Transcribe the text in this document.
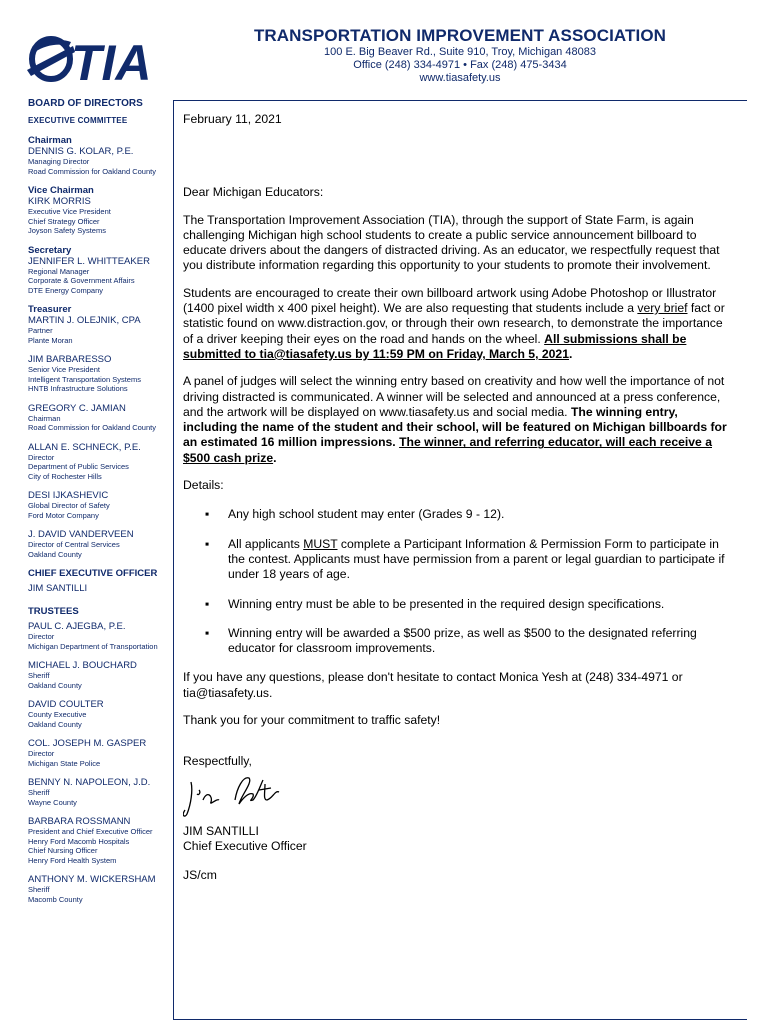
TIA	TRANSPORTATION IMPROVEMENT ASSOCIATION
100 E. Big Beaver Rd., Suite 910, Troy, Michigan 48083
Office (248) 334-4971 • Fax (248) 475-3434
www.tiasafety.us
BOARD OF DIRECTORS
EXECUTIVE COMMITTEE
Chairman
DENNIS G. KOLAR, P.E.
Managing Director
Road Commission for Oakland County
Vice Chairman
KIRK MORRIS
Executive Vice President
Chief Strategy Officer
Joyson Safety Systems
Secretary
JENNIFER L. WHITTEAKER
Regional Manager
Corporate & Government Affairs
DTE Energy Company
Treasurer
MARTIN J. OLEJNIK, CPA
Partner
Plante Moran
JIM BARBARESSO
Senior Vice President
Intelligent Transportation Systems
HNTB Infrastructure Solutions
GREGORY C. JAMIAN
Chairman
Road Commission for Oakland County
ALLAN E. SCHNECK, P.E.
Director
Department of Public Services
City of Rochester Hills
DESI IJKASHEVIC
Global Director of Safety
Ford Motor Company
J. DAVID VANDERVEEN
Director of Central Services
Oakland County
CHIEF EXECUTIVE OFFICER
JIM SANTILLI
TRUSTEES
PAUL C. AJEGBA, P.E.
Director
Michigan Department of Transportation
MICHAEL J. BOUCHARD
Sheriff
Oakland County
DAVID COULTER
County Executive
Oakland County
COL. JOSEPH M. GASPER
Director
Michigan State Police
BENNY N. NAPOLEON, J.D.
Sheriff
Wayne County
BARBARA ROSSMANN
President and Chief Executive Officer
Henry Ford Macomb Hospitals
Chief Nursing Officer
Henry Ford Health System
ANTHONY M. WICKERSHAM
Sheriff
Macomb County
February 11, 2021

Dear Michigan Educators:

The Transportation Improvement Association (TIA), through the support of State Farm, is again challenging Michigan high school students to create a public service announcement billboard to educate drivers about the dangers of distracted driving. As an educator, we respectfully request that you distribute information regarding this opportunity to your students to promote their involvement.

Students are encouraged to create their own billboard artwork using Adobe Photoshop or Illustrator (1400 pixel width x 400 pixel height). We are also requesting that students include a very brief fact or statistic found on www.distraction.gov, or through their own research, to demonstrate the importance of a driver keeping their eyes on the road and hands on the wheel. All submissions shall be submitted to tia@tiasafety.us by 11:59 PM on Friday, March 5, 2021.

A panel of judges will select the winning entry based on creativity and how well the importance of not driving distracted is communicated. A winner will be selected and announced at a press conference, and the artwork will be displayed on www.tiasafety.us and social media. The winning entry, including the name of the student and their school, will be featured on Michigan billboards for an estimated 16 million impressions. The winner, and referring educator, will each receive a $500 cash prize.

Details:
▪ Any high school student may enter (Grades 9 - 12).
▪ All applicants MUST complete a Participant Information & Permission Form to participate in the contest. Applicants must have permission from a parent or legal guardian to participate if under 18 years of age.
▪ Winning entry must be able to be presented in the required design specifications.
▪ Winning entry will be awarded a $500 prize, as well as $500 to the designated referring educator for classroom improvements.

If you have any questions, please don't hesitate to contact Monica Yesh at (248) 334-4971 or tia@tiasafety.us.

Thank you for your commitment to traffic safety!

Respectfully,

JIM SANTILLI
Chief Executive Officer
JS/cm
